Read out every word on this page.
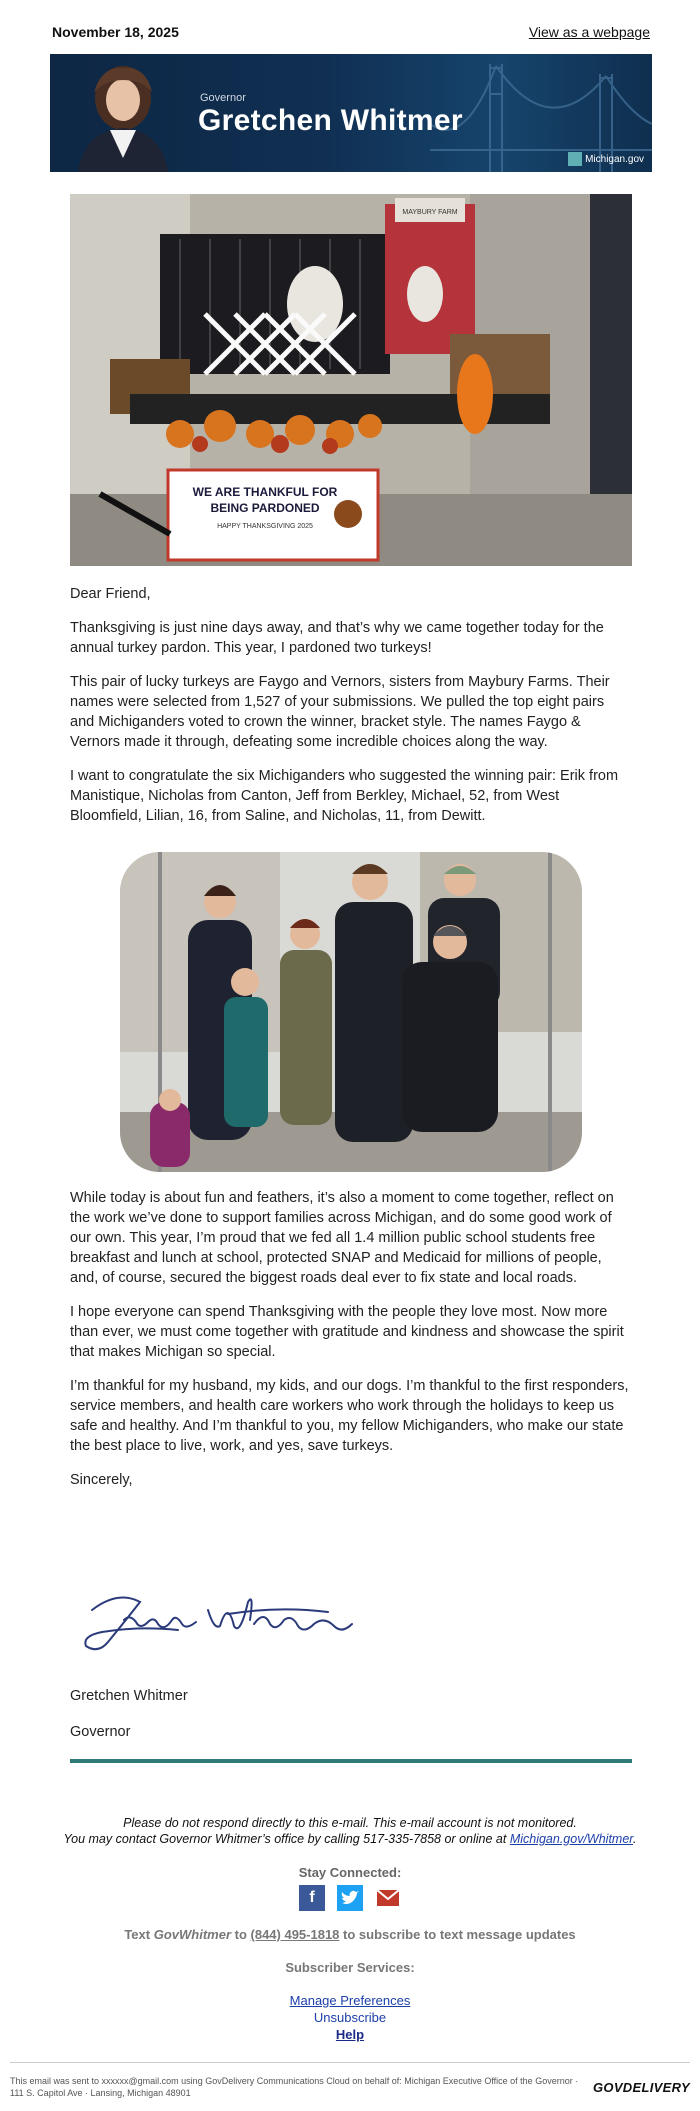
November 18, 2025	View as a webpage
Governor
Gretchen Whitmer
Michigan.gov
MAYBURY FARM
WE ARE THANKFUL FOR
BEING PARDONED
HAPPY THANKSGIVING 2025

Dear Friend,

Thanksgiving is just nine days away, and that’s why we came together today for the annual turkey pardon. This year, I pardoned two turkeys!

This pair of lucky turkeys are Faygo and Vernors, sisters from Maybury Farms. Their names were selected from 1,527 of your submissions. We pulled the top eight pairs and Michiganders voted to crown the winner, bracket style. The names Faygo & Vernors made it through, defeating some incredible choices along the way.

I want to congratulate the six Michiganders who suggested the winning pair: Erik from Manistique, Nicholas from Canton, Jeff from Berkley, Michael, 52, from West Bloomfield, Lilian, 16, from Saline, and Nicholas, 11, from Dewitt.

While today is about fun and feathers, it’s also a moment to come together, reflect on the work we’ve done to support families across Michigan, and do some good work of our own. This year, I’m proud that we fed all 1.4 million public school students free breakfast and lunch at school, protected SNAP and Medicaid for millions of people, and, of course, secured the biggest roads deal ever to fix state and local roads.

I hope everyone can spend Thanksgiving with the people they love most. Now more than ever, we must come together with gratitude and kindness and showcase the spirit that makes Michigan so special.

I’m thankful for my husband, my kids, and our dogs. I’m thankful to the first responders, service members, and health care workers who work through the holidays to keep us safe and healthy. And I’m thankful to you, my fellow Michiganders, who make our state the best place to live, work, and yes, save turkeys.

Sincerely,

Gretchen Whitmer
Governor
Please do not respond directly to this e-mail. This e-mail account is not monitored.
You may contact Governor Whitmer’s office by calling 517-335-7858 or online at Michigan.gov/Whitmer.
Stay Connected:
f
Text GovWhitmer to (844) 495-1818 to subscribe to text message updates
Subscriber Services:
Manage Preferences
Unsubscribe
Help
This email was sent to xxxxxx@gmail.com using GovDelivery Communications Cloud on behalf of: Michigan Executive Office of the Governor · 111 S. Capitol Ave · Lansing, Michigan 48901	GOVDELIVERY
